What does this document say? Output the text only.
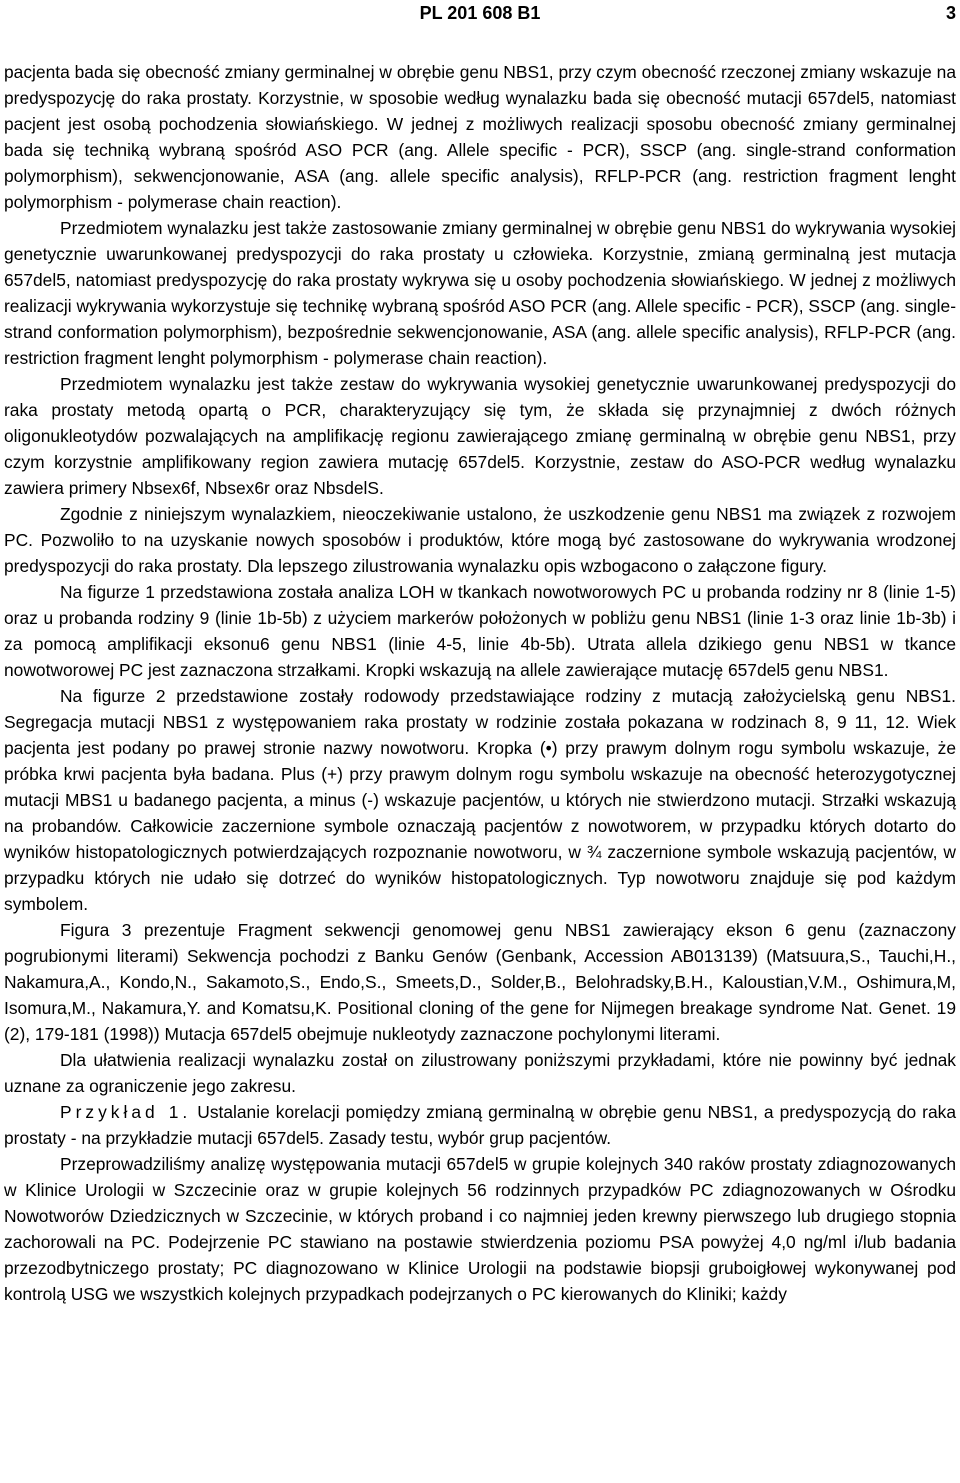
PL 201 608 B1	3

pacjenta bada się obecność zmiany germinalnej w obrębie genu NBS1, przy czym obecność rzeczonej zmiany wskazuje na predyspozycję do raka prostaty. Korzystnie, w sposobie według wynalazku bada się obecność mutacji 657del5, natomiast pacjent jest osobą pochodzenia słowiańskiego. W jednej z możliwych realizacji sposobu obecność zmiany germinalnej bada się techniką wybraną spośród ASO PCR (ang. Allele specific - PCR), SSCP (ang. single-strand conformation polymorphism), sekwencjonowanie, ASA (ang. allele specific analysis), RFLP-PCR (ang. restriction fragment lenght polymorphism - polymerase chain reaction).

Przedmiotem wynalazku jest także zastosowanie zmiany germinalnej w obrębie genu NBS1 do wykrywania wysokiej genetycznie uwarunkowanej predyspozycji do raka prostaty u człowieka. Korzystnie, zmianą germinalną jest mutacja 657del5, natomiast predyspozycję do raka prostaty wykrywa się u osoby pochodzenia słowiańskiego. W jednej z możliwych realizacji wykrywania wykorzystuje się technikę wybraną spośród ASO PCR (ang. Allele specific - PCR), SSCP (ang. single-strand conformation polymorphism), bezpośrednie sekwencjonowanie, ASA (ang. allele specific analysis), RFLP-PCR (ang. restriction fragment lenght polymorphism - polymerase chain reaction).

Przedmiotem wynalazku jest także zestaw do wykrywania wysokiej genetycznie uwarunkowanej predyspozycji do raka prostaty metodą opartą o PCR, charakteryzujący się tym, że składa się przynajmniej z dwóch różnych oligonukleotydów pozwalających na amplifikację regionu zawierającego zmianę germinalną w obrębie genu NBS1, przy czym korzystnie amplifikowany region zawiera mutację 657del5. Korzystnie, zestaw do ASO-PCR według wynalazku zawiera primery Nbsex6f, Nbsex6r oraz NbsdelS.

Zgodnie z niniejszym wynalazkiem, nieoczekiwanie ustalono, że uszkodzenie genu NBS1 ma związek z rozwojem PC. Pozwoliło to na uzyskanie nowych sposobów i produktów, które mogą być zastosowane do wykrywania wrodzonej predyspozycji do raka prostaty. Dla lepszego zilustrowania wynalazku opis wzbogacono o załączone figury.

Na figurze 1 przedstawiona została analiza LOH w tkankach nowotworowych PC u probanda rodziny nr 8 (linie 1-5) oraz u probanda rodziny 9 (linie 1b-5b) z użyciem markerów położonych w pobliżu genu NBS1 (linie 1-3 oraz linie 1b-3b) i za pomocą amplifikacji eksonu6 genu NBS1 (linie 4-5, linie 4b-5b). Utrata allela dzikiego genu NBS1 w tkance nowotworowej PC jest zaznaczona strzałkami. Kropki wskazują na allele zawierające mutację 657del5 genu NBS1.

Na figurze 2 przedstawione zostały rodowody przedstawiające rodziny z mutacją założycielską genu NBS1. Segregacja mutacji NBS1 z występowaniem raka prostaty w rodzinie została pokazana w rodzinach 8, 9 11, 12. Wiek pacjenta jest podany po prawej stronie nazwy nowotworu. Kropka (•) przy prawym dolnym rogu symbolu wskazuje, że próbka krwi pacjenta była badana. Plus (+) przy prawym dolnym rogu symbolu wskazuje na obecność heterozygotycznej mutacji MBS1 u badanego pacjenta, a minus (-) wskazuje pacjentów, u których nie stwierdzono mutacji. Strzałki wskazują na probandów. Całkowicie zaczernione symbole oznaczają pacjentów z nowotworem, w przypadku których dotarto do wyników histopatologicznych potwierdzających rozpoznanie nowotworu, w ¾ zaczernione symbole wskazują pacjentów, w przypadku których nie udało się dotrzeć do wyników histopatologicznych. Typ nowotworu znajduje się pod każdym symbolem.

Figura 3 prezentuje Fragment sekwencji genomowej genu NBS1 zawierający ekson 6 genu (zaznaczony pogrubionymi literami) Sekwencja pochodzi z Banku Genów (Genbank, Accession AB013139) (Matsuura,S., Tauchi,H., Nakamura,A., Kondo,N., Sakamoto,S., Endo,S., Smeets,D., Solder,B., Belohradsky,B.H., Kaloustian,V.M., Oshimura,M, Isomura,M., Nakamura,Y. and Komatsu,K. Positional cloning of the gene for Nijmegen breakage syndrome Nat. Genet. 19 (2), 179-181 (1998)) Mutacja 657del5 obejmuje nukleotydy zaznaczone pochylonymi literami.

Dla ułatwienia realizacji wynalazku został on zilustrowany poniższymi przykładami, które nie powinny być jednak uznane za ograniczenie jego zakresu.

Przykład 1. Ustalanie korelacji pomiędzy zmianą germinalną w obrębie genu NBS1, a predyspozycją do raka prostaty - na przykładzie mutacji 657del5. Zasady testu, wybór grup pacjentów.

Przeprowadziliśmy analizę występowania mutacji 657del5 w grupie kolejnych 340 raków prostaty zdiagnozowanych w Klinice Urologii w Szczecinie oraz w grupie kolejnych 56 rodzinnych przypadków PC zdiagnozowanych w Ośrodku Nowotworów Dziedzicznych w Szczecinie, w których proband i co najmniej jeden krewny pierwszego lub drugiego stopnia zachorowali na PC. Podejrzenie PC stawiano na postawie stwierdzenia poziomu PSA powyżej 4,0 ng/ml i/lub badania przezodbytniczego prostaty; PC diagnozowano w Klinice Urologii na podstawie biopsji gruboigłowej wykonywanej pod kontrolą USG we wszystkich kolejnych przypadkach podejrzanych o PC kierowanych do Kliniki; każdy
